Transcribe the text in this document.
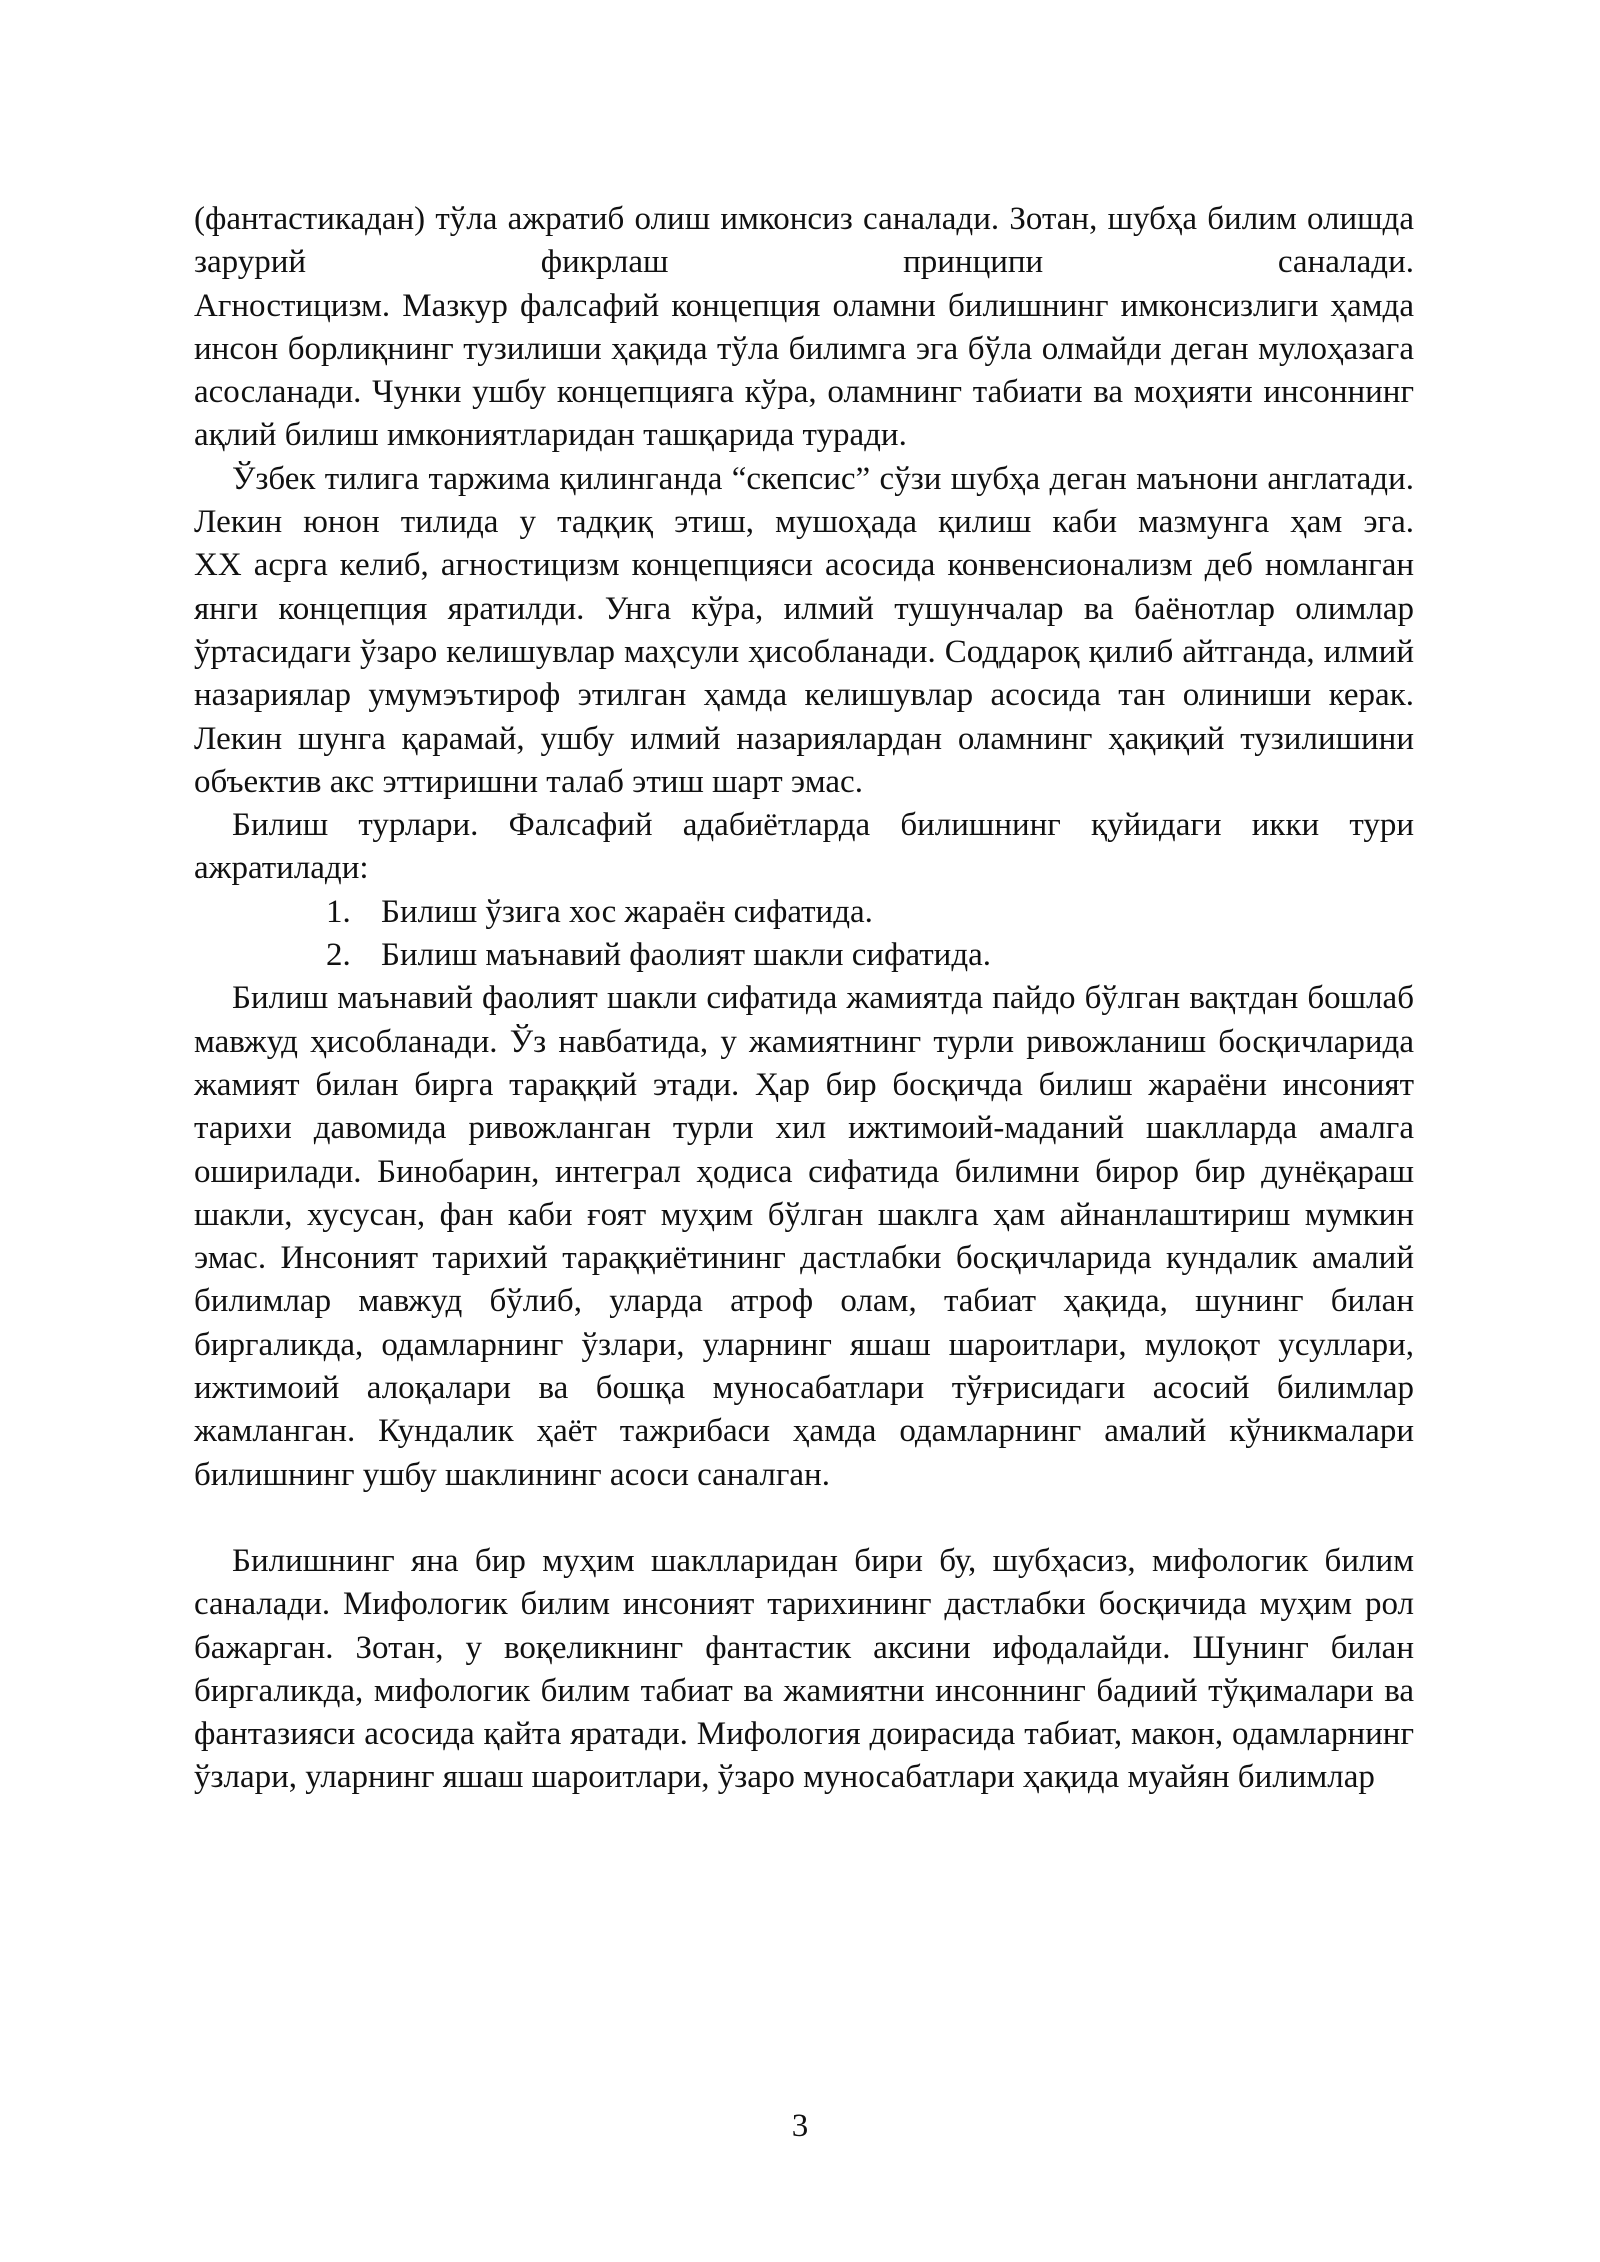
(фантастикадан) тўла ажратиб олиш имконсиз саналади. Зотан, шубҳа билим олишда зарурий фикрлаш принципи саналади.

Агностицизм. Мазкур фалсафий концепция оламни билишнинг имконсизлиги ҳамда инсон борлиқнинг тузилиши ҳақида тўла билимга эга бўла олмайди деган мулоҳазага асосланади. Чунки ушбу концепцияга кўра, оламнинг табиати ва моҳияти инсоннинг ақлий билиш имкониятларидан ташқарида туради.

Ўзбек тилига таржима қилинганда “скепсис” сўзи шубҳа деган маънони англатади. Лекин юнон тилида у тадқиқ этиш, мушоҳада қилиш каби мазмунга ҳам эга.

XX асрга келиб, агностицизм концепцияси асосида конвенсионализм деб номланган янги концепция яратилди. Унга кўра, илмий тушунчалар ва баёнотлар олимлар ўртасидаги ўзаро келишувлар маҳсули ҳисобланади. Соддароқ қилиб айтганда, илмий назариялар умумэътироф этилган ҳамда келишувлар асосида тан олиниши керак. Лекин шунга қарамай, ушбу илмий назариялардан оламнинг ҳақиқий тузилишини объектив акс эттиришни талаб этиш шарт эмас.

Билиш турлари. Фалсафий адабиётларда билишнинг қуйидаги икки тури ажратилади:

1. Билиш ўзига хос жараён сифатида.
2. Билиш маънавий фаолият шакли сифатида.

Билиш маънавий фаолият шакли сифатида жамиятда пайдо бўлган вақтдан бошлаб мавжуд ҳисобланади. Ўз навбатида, у жамиятнинг турли ривожланиш босқичларида жамият билан бирга тараққий этади. Ҳар бир босқичда билиш жараёни инсоният тарихи давомида ривожланган турли хил ижтимоий-маданий шаклларда амалга оширилади. Бинобарин, интеграл ҳодиса сифатида билимни бирор бир дунёқараш шакли, хусусан, фан каби ғоят муҳим бўлган шаклга ҳам айнанлаштириш мумкин эмас. Инсоният тарихий тараққиётининг дастлабки босқичларида кундалик амалий билимлар мавжуд бўлиб, уларда атроф олам, табиат ҳақида, шунинг билан биргаликда, одамларнинг ўзлари, уларнинг яшаш шароитлари, мулоқот усуллари, ижтимоий алоқалари ва бошқа муносабатлари тўғрисидаги асосий билимлар жамланган. Кундалик ҳаёт тажрибаси ҳамда одамларнинг амалий кўникмалари билишнинг ушбу шаклининг асоси саналган.

Билишнинг яна бир муҳим шаклларидан бири бу, шубҳасиз, мифологик билим саналади. Мифологик билим инсоният тарихининг дастлабки босқичида муҳим рол бажарган. Зотан, у воқеликнинг фантастик аксини ифодалайди. Шунинг билан биргаликда, мифологик билим табиат ва жамиятни инсоннинг бадиий тўқималари ва фантазияси асосида қайта яратади. Мифология доирасида табиат, макон, одамларнинг ўзлари, уларнинг яшаш шароитлари, ўзаро муносабатлари ҳақида муайян билимлар

3
